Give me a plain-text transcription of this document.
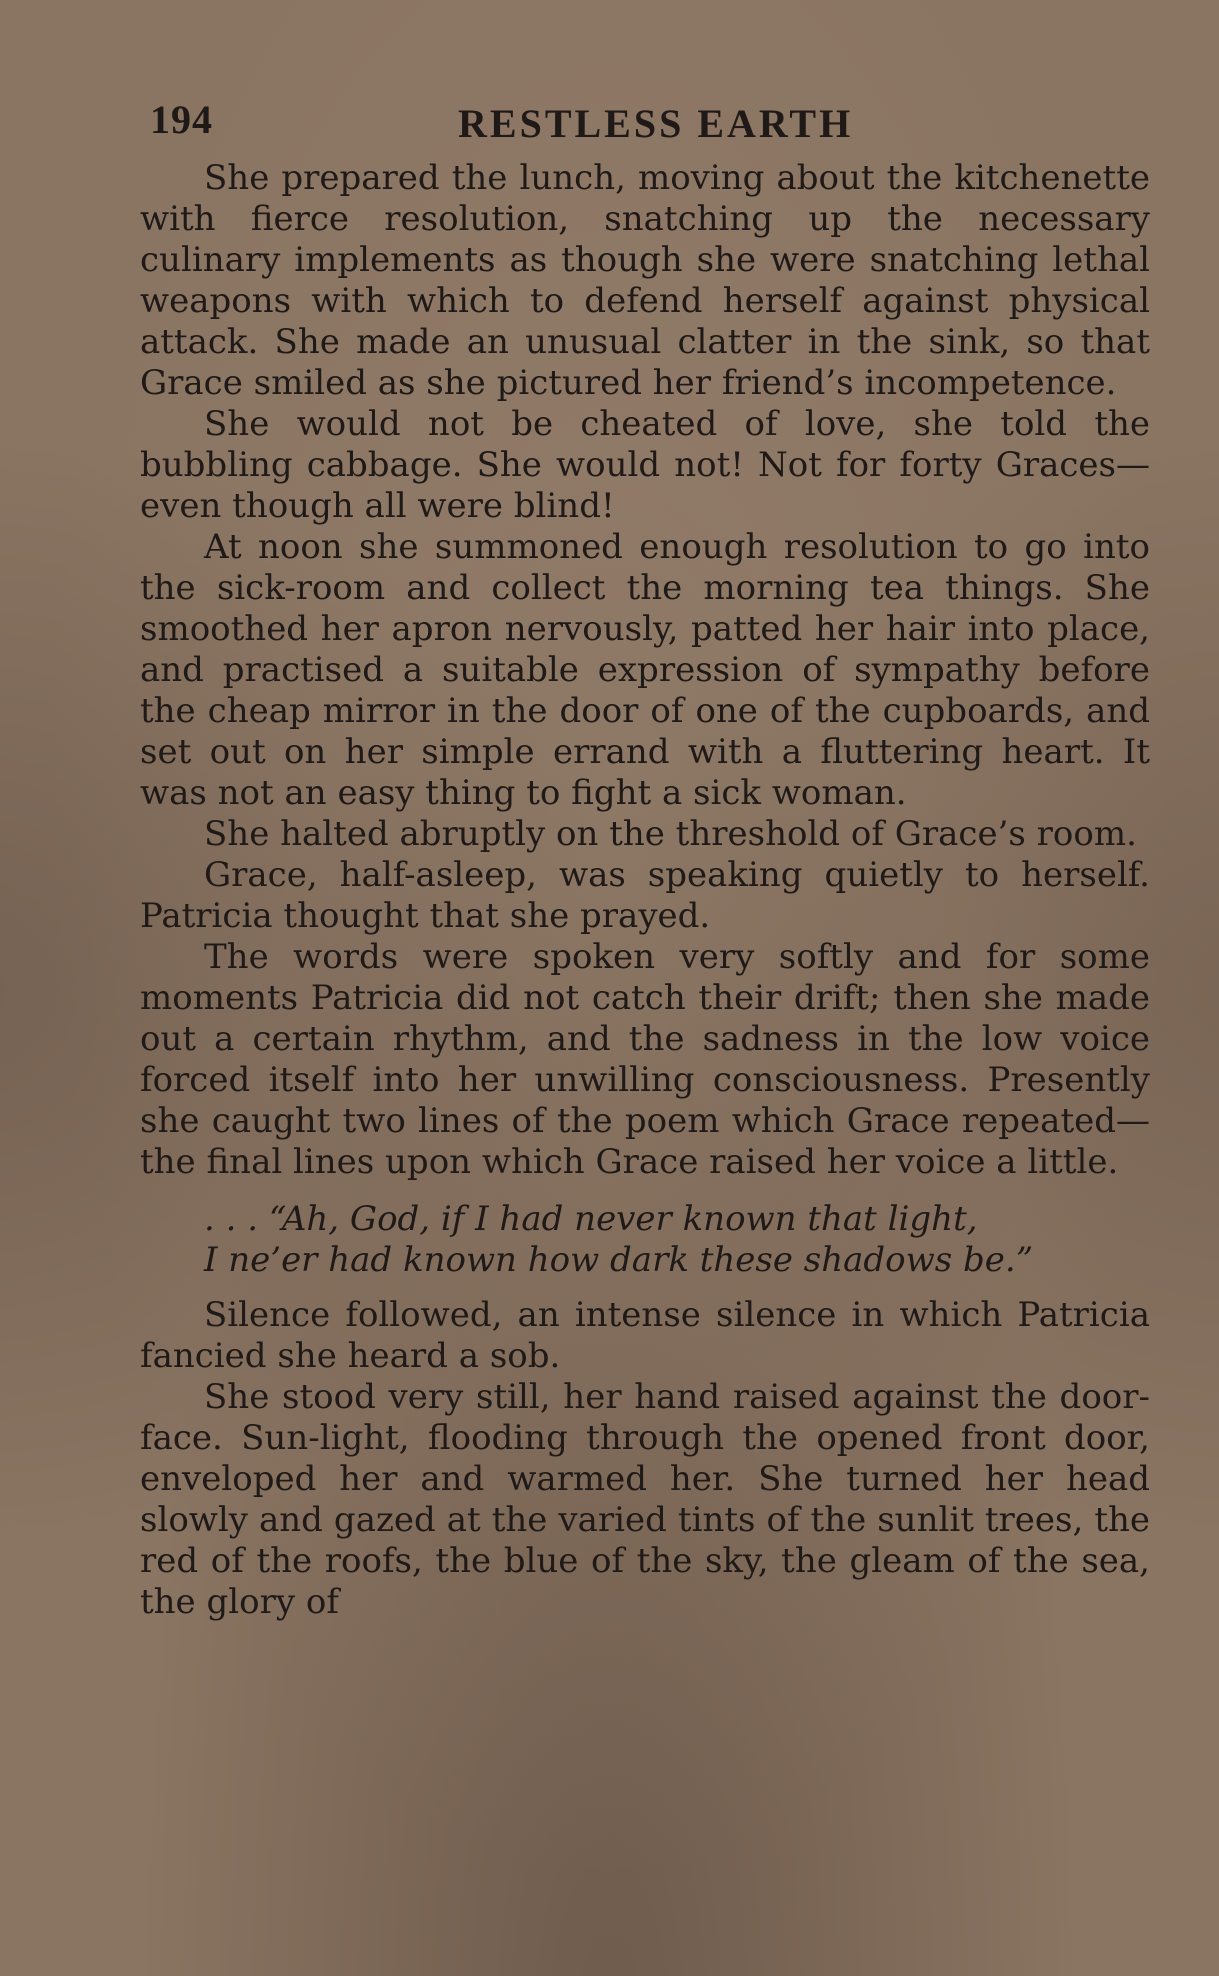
194	RESTLESS EARTH

She prepared the lunch, moving about the kitchenette with fierce resolution, snatching up the necessary culinary implements as though she were snatching lethal weapons with which to defend herself against physical attack. She made an unusual clatter in the sink, so that Grace smiled as she pictured her friend’s incompetence.

She would not be cheated of love, she told the bubbling cabbage. She would not! Not for forty Graces—even though all were blind!

At noon she summoned enough resolution to go into the sick-room and collect the morning tea things. She smoothed her apron nervously, patted her hair into place, and practised a suitable expression of sympathy before the cheap mirror in the door of one of the cupboards, and set out on her simple errand with a fluttering heart. It was not an easy thing to fight a sick woman.

She halted abruptly on the threshold of Grace’s room.

Grace, half-asleep, was speaking quietly to herself. Patricia thought that she prayed.

The words were spoken very softly and for some moments Patricia did not catch their drift; then she made out a certain rhythm, and the sadness in the low voice forced itself into her unwilling consciousness. Presently she caught two lines of the poem which Grace repeated—the final lines upon which Grace raised her voice a little.

. . . “Ah, God, if I had never known that light,
I ne’er had known how dark these shadows be.”

Silence followed, an intense silence in which Patricia fancied she heard a sob.

She stood very still, her hand raised against the door-face. Sun-light, flooding through the opened front door, enveloped her and warmed her. She turned her head slowly and gazed at the varied tints of the sunlit trees, the red of the roofs, the blue of the sky, the gleam of the sea, the glory of
